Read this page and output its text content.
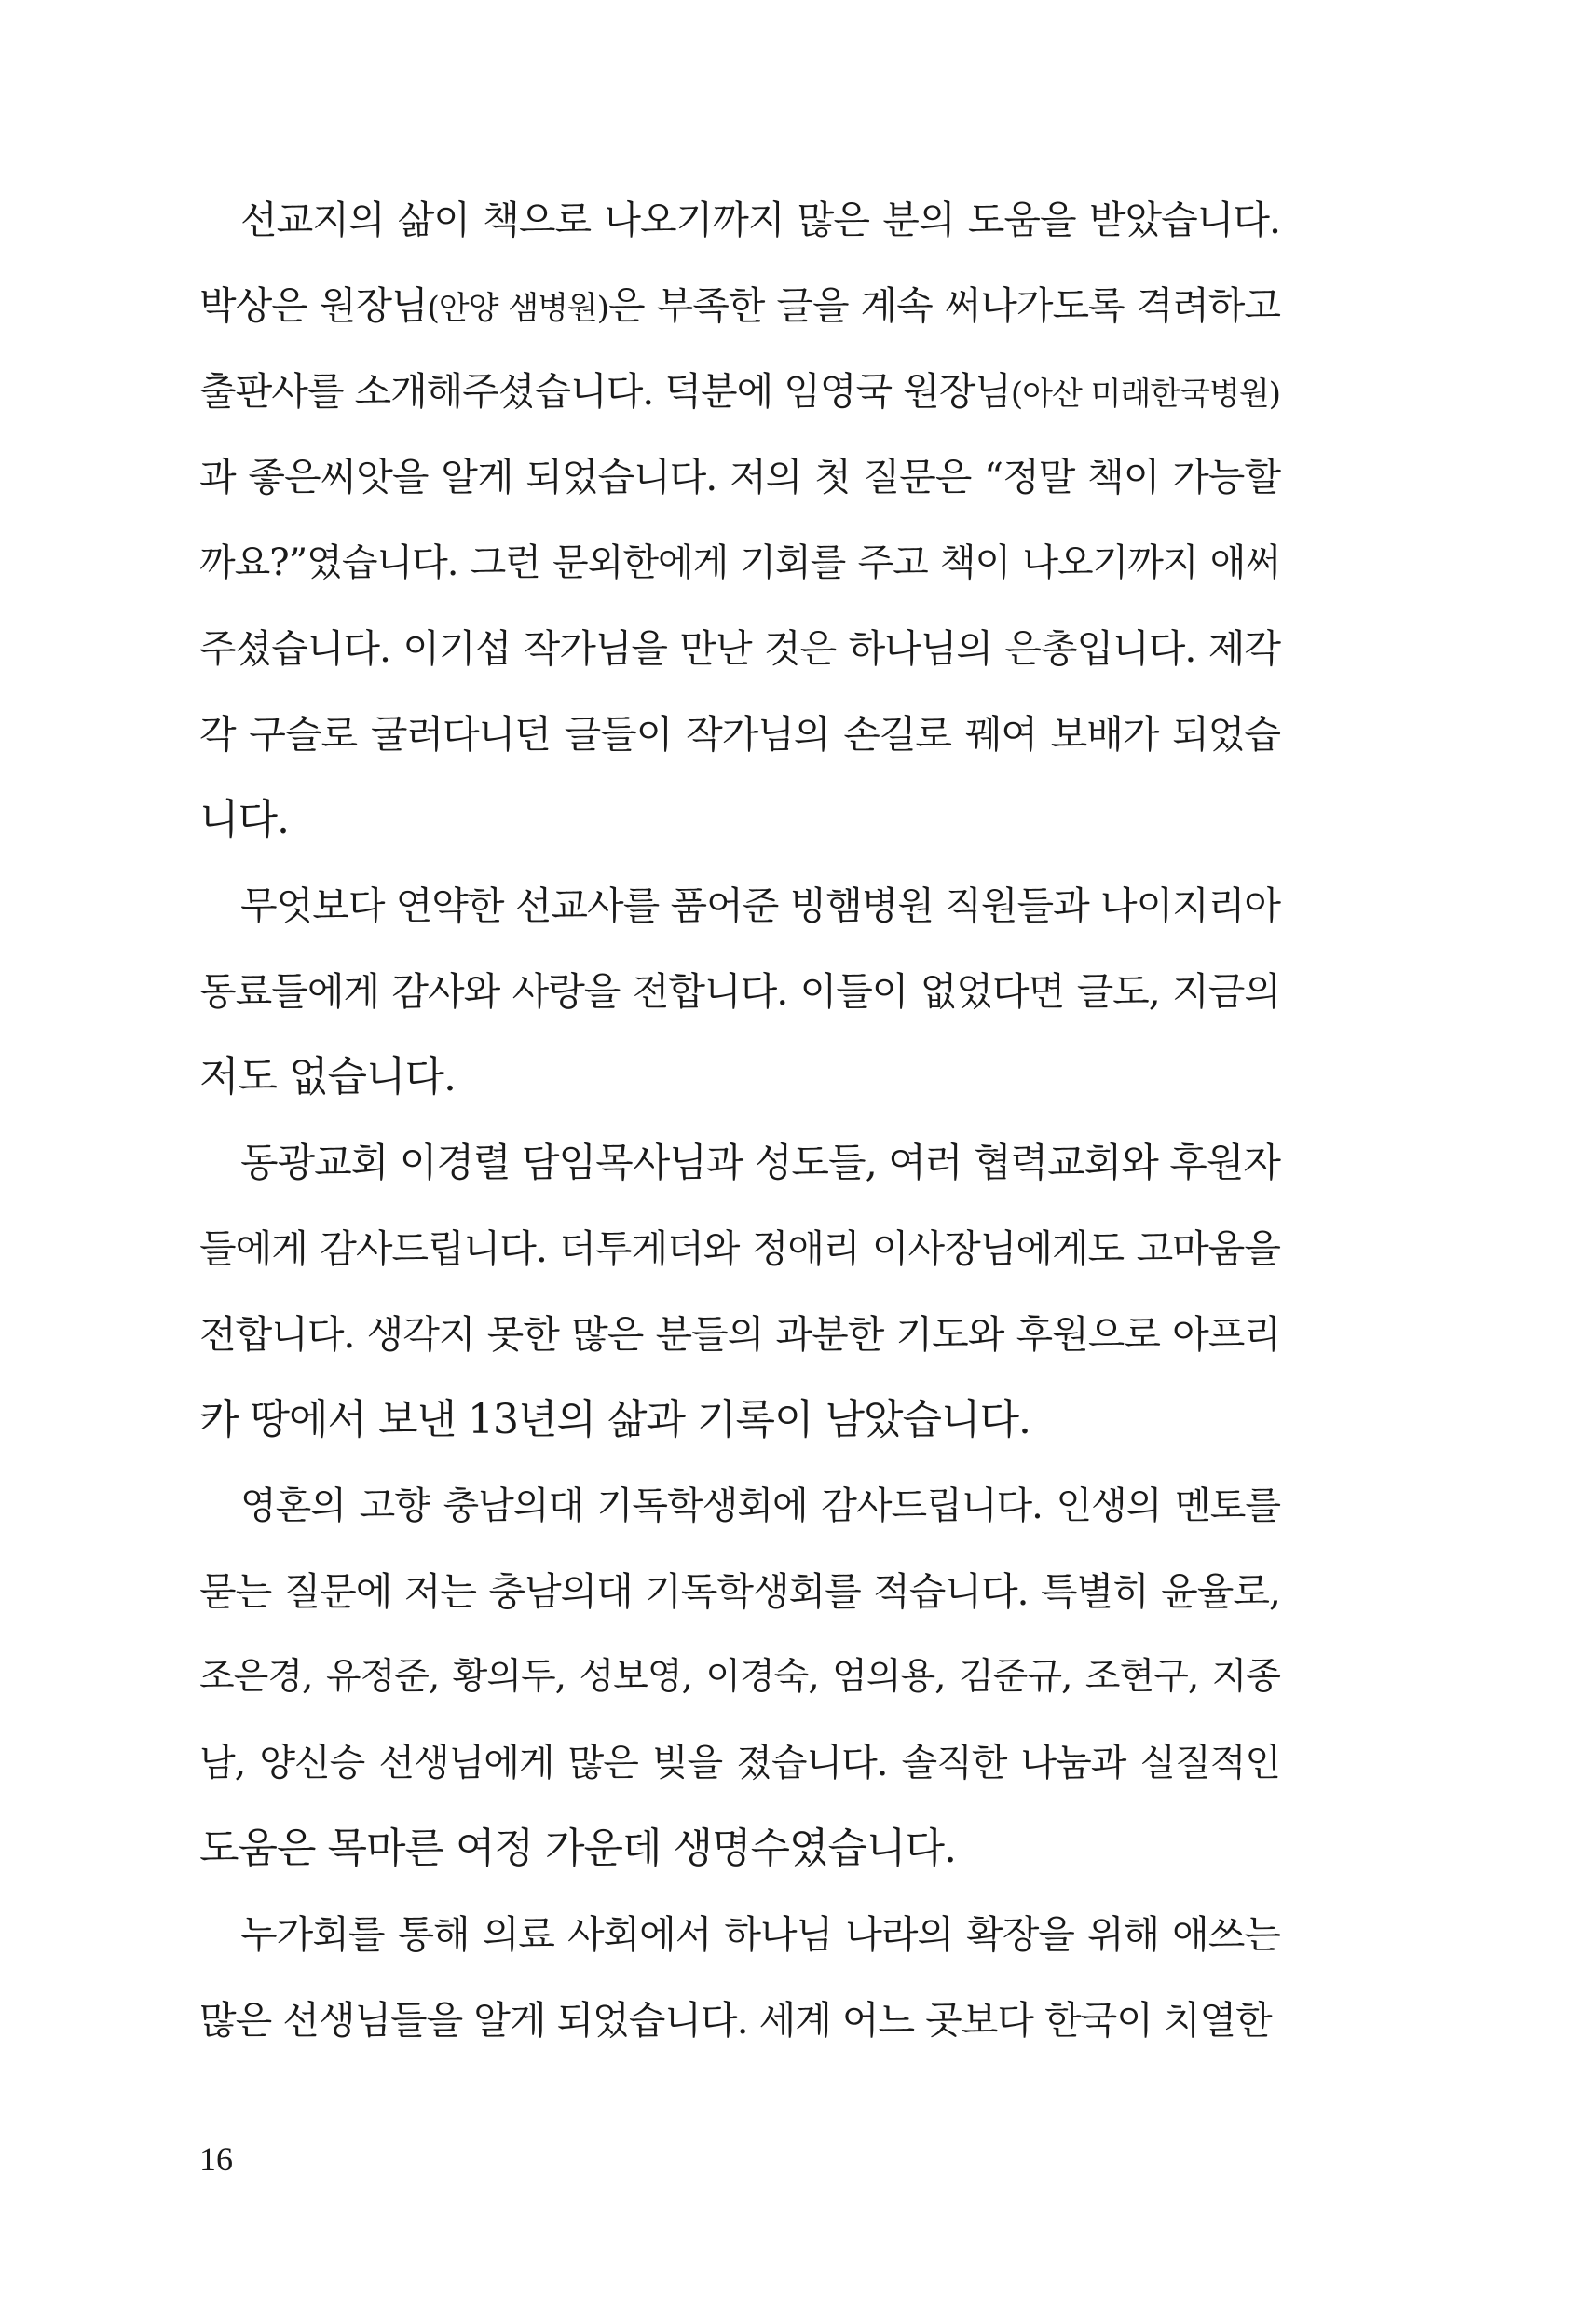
선교지의 삶이 책으로 나오기까지 많은 분의 도움을 받았습니다.
박상은 원장님(안양 샘병원)은 부족한 글을 계속 써나가도록 격려하고
출판사를 소개해주셨습니다. 덕분에 임영국 원장님(아산 미래한국병원)
과 좋은씨앗을 알게 되었습니다. 저의 첫 질문은 “정말 책이 가능할
까요?”였습니다. 그런 문외한에게 기회를 주고 책이 나오기까지 애써
주셨습니다. 이기섭 작가님을 만난 것은 하나님의 은총입니다. 제각
각 구슬로 굴러다니던 글들이 작가님의 손길로 꿰여 보배가 되었습
니다.
무엇보다 연약한 선교사를 품어준 빙햄병원 직원들과 나이지리아
동료들에게 감사와 사랑을 전합니다. 이들이 없었다면 글도, 지금의
저도 없습니다.
동광교회 이경렬 담임목사님과 성도들, 여러 협력교회와 후원자
들에게 감사드립니다. 더투게더와 정애리 이사장님에게도 고마움을
전합니다. 생각지 못한 많은 분들의 과분한 기도와 후원으로 아프리
카 땅에서 보낸 13년의 삶과 기록이 남았습니다.
영혼의 고향 충남의대 기독학생회에 감사드립니다. 인생의 멘토를
묻는 질문에 저는 충남의대 기독학생회를 적습니다. 특별히 윤율로,
조은경, 유정준, 황의두, 성보영, 이경숙, 엄의용, 김준규, 조현구, 지종
남, 양신승 선생님에게 많은 빚을 졌습니다. 솔직한 나눔과 실질적인
도움은 목마른 여정 가운데 생명수였습니다.
누가회를 통해 의료 사회에서 하나님 나라의 확장을 위해 애쓰는
많은 선생님들을 알게 되었습니다. 세계 어느 곳보다 한국이 치열한
16
